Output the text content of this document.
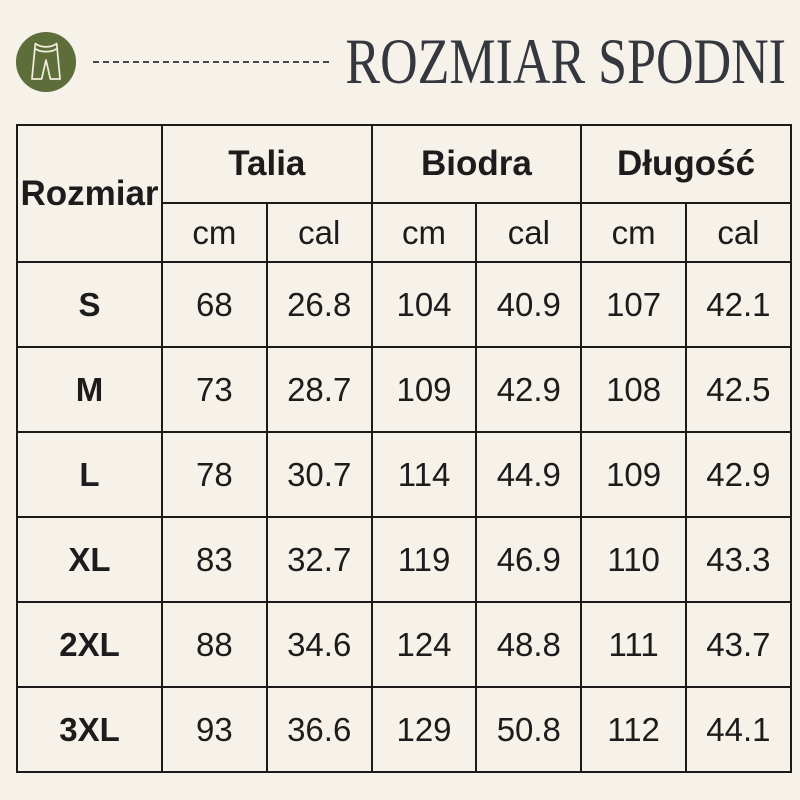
ROZMIAR SPODNI
Rozmiar	Talia		Biodra		Długość	
	cm	cal	cm	cal	cm	cal
S	68	26.8	104	40.9	107	42.1
M	73	28.7	109	42.9	108	42.5
L	78	30.7	114	44.9	109	42.9
XL	83	32.7	119	46.9	110	43.3
2XL	88	34.6	124	48.8	111	43.7
3XL	93	36.6	129	50.8	112	44.1
